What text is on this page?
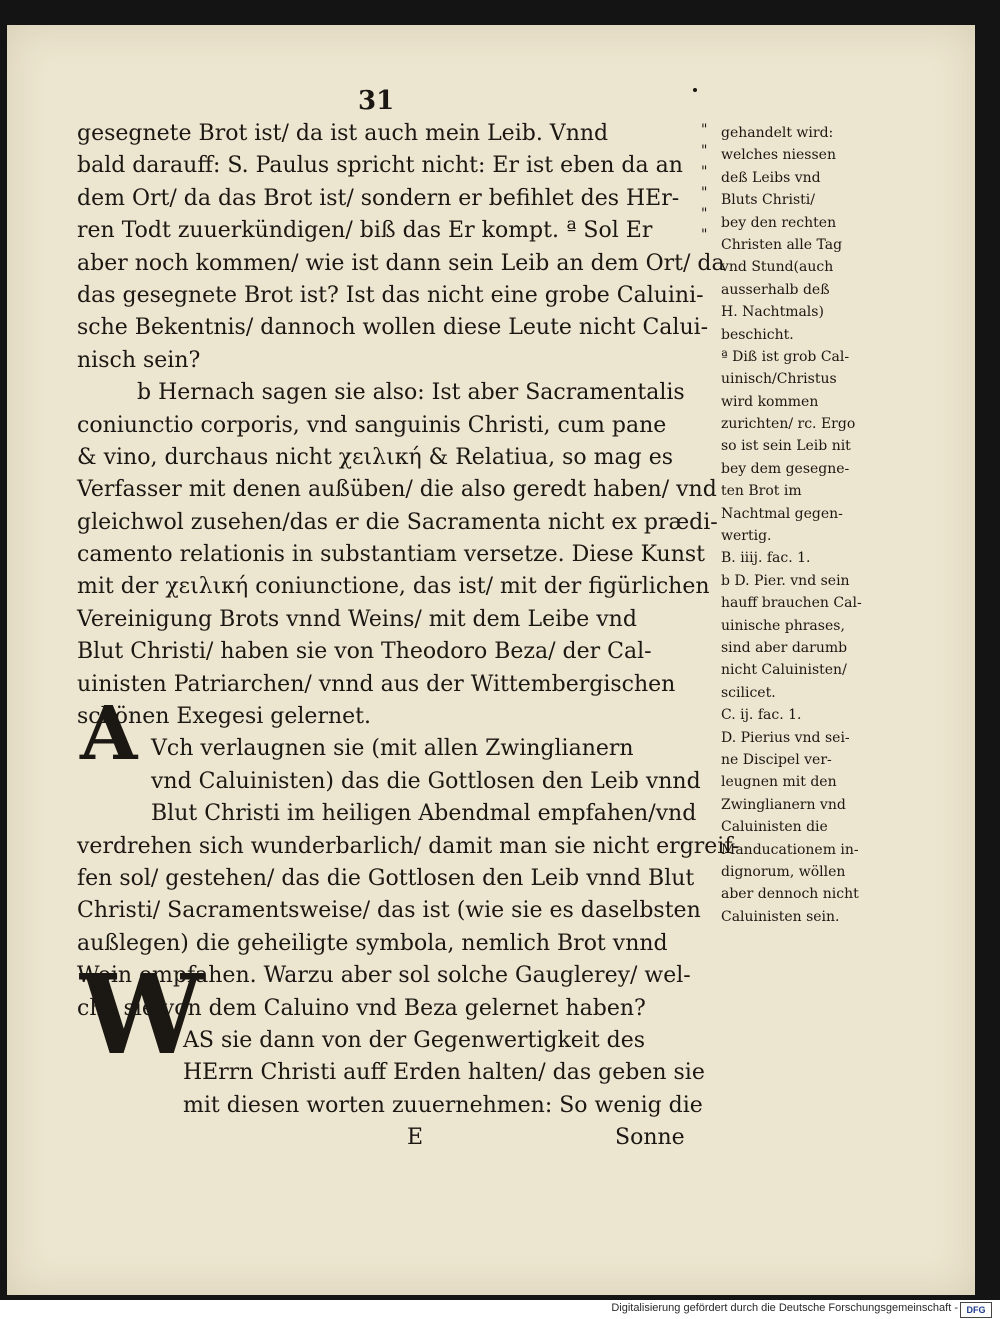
31
gesegnete Brot ist/ da ist auch mein Leib. Vnnd
bald darauff: S. Paulus spricht nicht: Er ist eben da an
dem Ort/ da das Brot ist/ sondern er befihlet des HEr-
ren Todt zuuerkündigen/ biß das Er kompt. ª Sol Er
aber noch kommen/ wie ist dann sein Leib an dem Ort/ da
das gesegnete Brot ist? Ist das nicht eine grobe Caluini-
sche Bekentnis/ dannoch wollen diese Leute nicht Calui-
nisch sein?
b Hernach sagen sie also: Ist aber Sacramentalis
coniunctio corporis, vnd sanguinis Christi, cum pane
& vino, durchaus nicht χειλική & Relatiua, so mag es
Verfasser mit denen außüben/ die also geredt haben/ vnd
gleichwol zusehen/das er die Sacramenta nicht ex prædi-
camento relationis in substantiam versetze. Diese Kunst
mit der χειλική coniunctione, das ist/ mit der figürlichen
Vereinigung Brots vnnd Weins/ mit dem Leibe vnd
Blut Christi/ haben sie von Theodoro Beza/ der Cal-
uinisten Patriarchen/ vnnd aus der Wittembergischen
schönen Exegesi gelernet.
Vch verlaugnen sie (mit allen Zwinglianern
vnd Caluinisten) das die Gottlosen den Leib vnnd
Blut Christi im heiligen Abendmal empfahen/vnd
verdrehen sich wunderbarlich/ damit man sie nicht ergreif-
fen sol/ gestehen/ das die Gottlosen den Leib vnnd Blut
Christi/ Sacramentsweise/ das ist (wie sie es daselbsten
außlegen) die geheiligte symbola, nemlich Brot vnnd
Wein empfahen. Warzu aber sol solche Gauglerey/ wel-
che sie von dem Caluino vnd Beza gelernet haben?
AS sie dann von der Gegenwertigkeit des
HErrn Christi auff Erden halten/ das geben sie
mit diesen worten zuuernehmen: So wenig die
E	Sonne
A
W
"
"
"
"
"
"
gehandelt wird:
welches niessen
deß Leibs vnd
Bluts Christi/
bey den rechten
Christen alle Tag
vnd Stund(auch
ausserhalb deß
H. Nachtmals)
beschicht.
ª Diß ist grob Cal-
uinisch/Christus
wird kommen
zurichten/ rc. Ergo
so ist sein Leib nit
bey dem gesegne-
ten Brot im
Nachtmal gegen-
wertig.
B. iiij. fac. 1.
b D. Pier. vnd sein
hauff brauchen Cal-
uinische phrases,
sind aber darumb
nicht Caluinisten/
scilicet.
C. ij. fac. 1.
D. Pierius vnd sei-
ne Discipel ver-
leugnen mit den
Zwinglianern vnd
Caluinisten die
Manducationem in-
dignorum, wöllen
aber dennoch nicht
Caluinisten sein.
Digitalisierung gefördert durch die Deutsche Forschungsgemeinschaft - DFG
